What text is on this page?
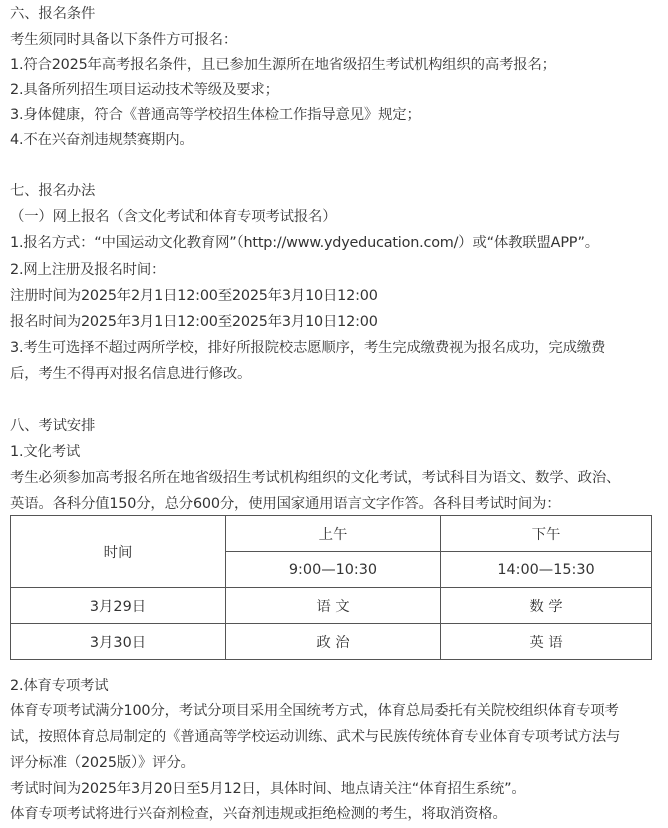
六、报名条件
考生须同时具备以下条件方可报名：
1.符合2025年高考报名条件，且已参加生源所在地省级招生考试机构组织的高考报名；
2.具备所列招生项目运动技术等级及要求；
3.身体健康，符合《普通高等学校招生体检工作指导意见》规定；
4.不在兴奋剂违规禁赛期内。
七、报名办法
（一）网上报名（含文化考试和体育专项考试报名）
1.报名方式：“中国运动文化教育网”（http://www.ydyeducation.com/）或“体教联盟APP”。
2.网上注册及报名时间：
注册时间为2025年2月1日12:00至2025年3月10日12:00
报名时间为2025年3月1日12:00至2025年3月10日12:00
3.考生可选择不超过两所学校，排好所报院校志愿顺序，考生完成缴费视为报名成功，完成缴费
后，考生不得再对报名信息进行修改。
八、考试安排
1.文化考试
考生必须参加高考报名所在地省级招生考试机构组织的文化考试，考试科目为语文、数学、政治、
英语。各科分值150分，总分600分，使用国家通用语言文字作答。各科目考试时间为：
时间	上午	下午
	9:00—10:30	14:00—15:30
3月29日	语 文	数 学
3月30日	政 治	英 语
2.体育专项考试
体育专项考试满分100分，考试分项目采用全国统考方式，体育总局委托有关院校组织体育专项考
试，按照体育总局制定的《普通高等学校运动训练、武术与民族传统体育专业体育专项考试方法与
评分标准（2025版）》评分。
考试时间为2025年3月20日至5月12日，具体时间、地点请关注“体育招生系统”。
体育专项考试将进行兴奋剂检查，兴奋剂违规或拒绝检测的考生，将取消资格。
